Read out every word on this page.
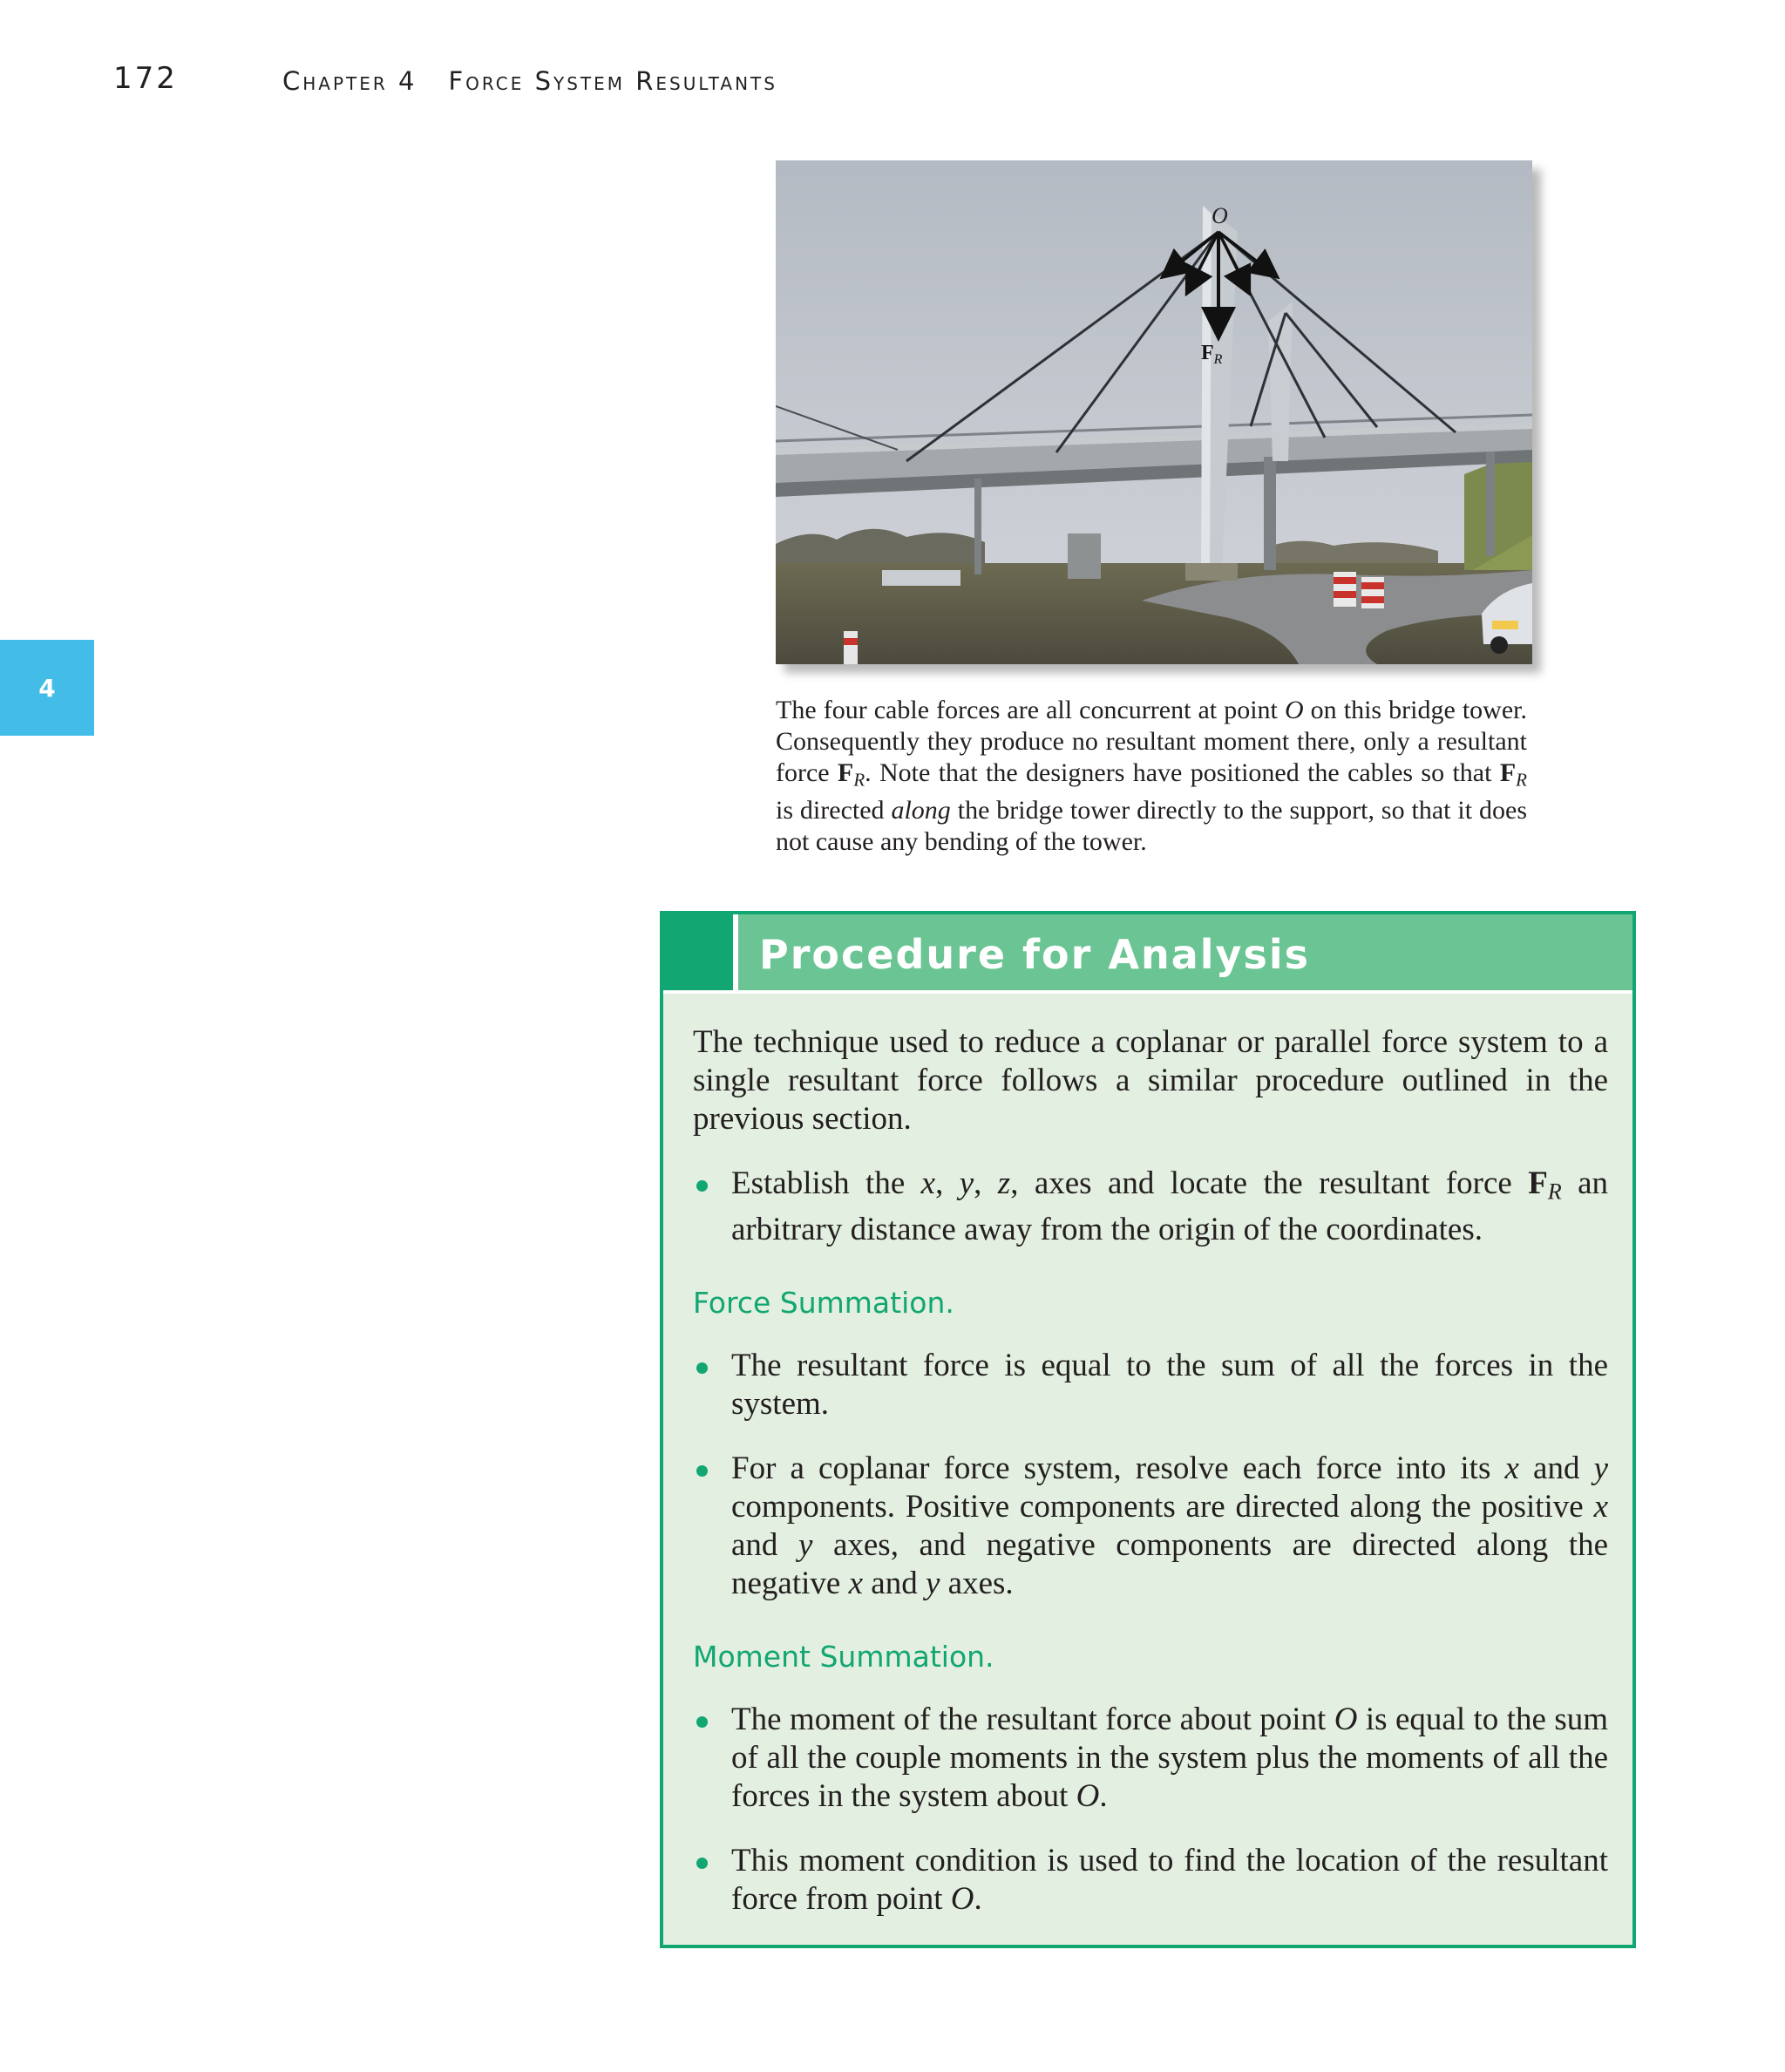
172	Chapter 4 Force System Resultants
4
O
$F_R$

The four cable forces are all concurrent at point O on this bridge tower. Consequently they produce no resultant moment there, only a resultant force $F_R$. Note that the designers have positioned the cables so that $F_R$ is directed along the bridge tower directly to the support, so that it does not cause any bending of the tower.

Procedure for Analysis

The technique used to reduce a coplanar or parallel force system to a single resultant force follows a similar procedure outlined in the previous section.

Establish the x, y, z, axes and locate the resultant force $F_R$ an arbitrary distance away from the origin of the coordinates.

Force Summation.

The resultant force is equal to the sum of all the forces in the system.
For a coplanar force system, resolve each force into its x and y components. Positive components are directed along the positive x and y axes, and negative components are directed along the negative x and y axes.

Moment Summation.

The moment of the resultant force about point O is equal to the sum of all the couple moments in the system plus the moments of all the forces in the system about O.
This moment condition is used to find the location of the resultant force from point O.
